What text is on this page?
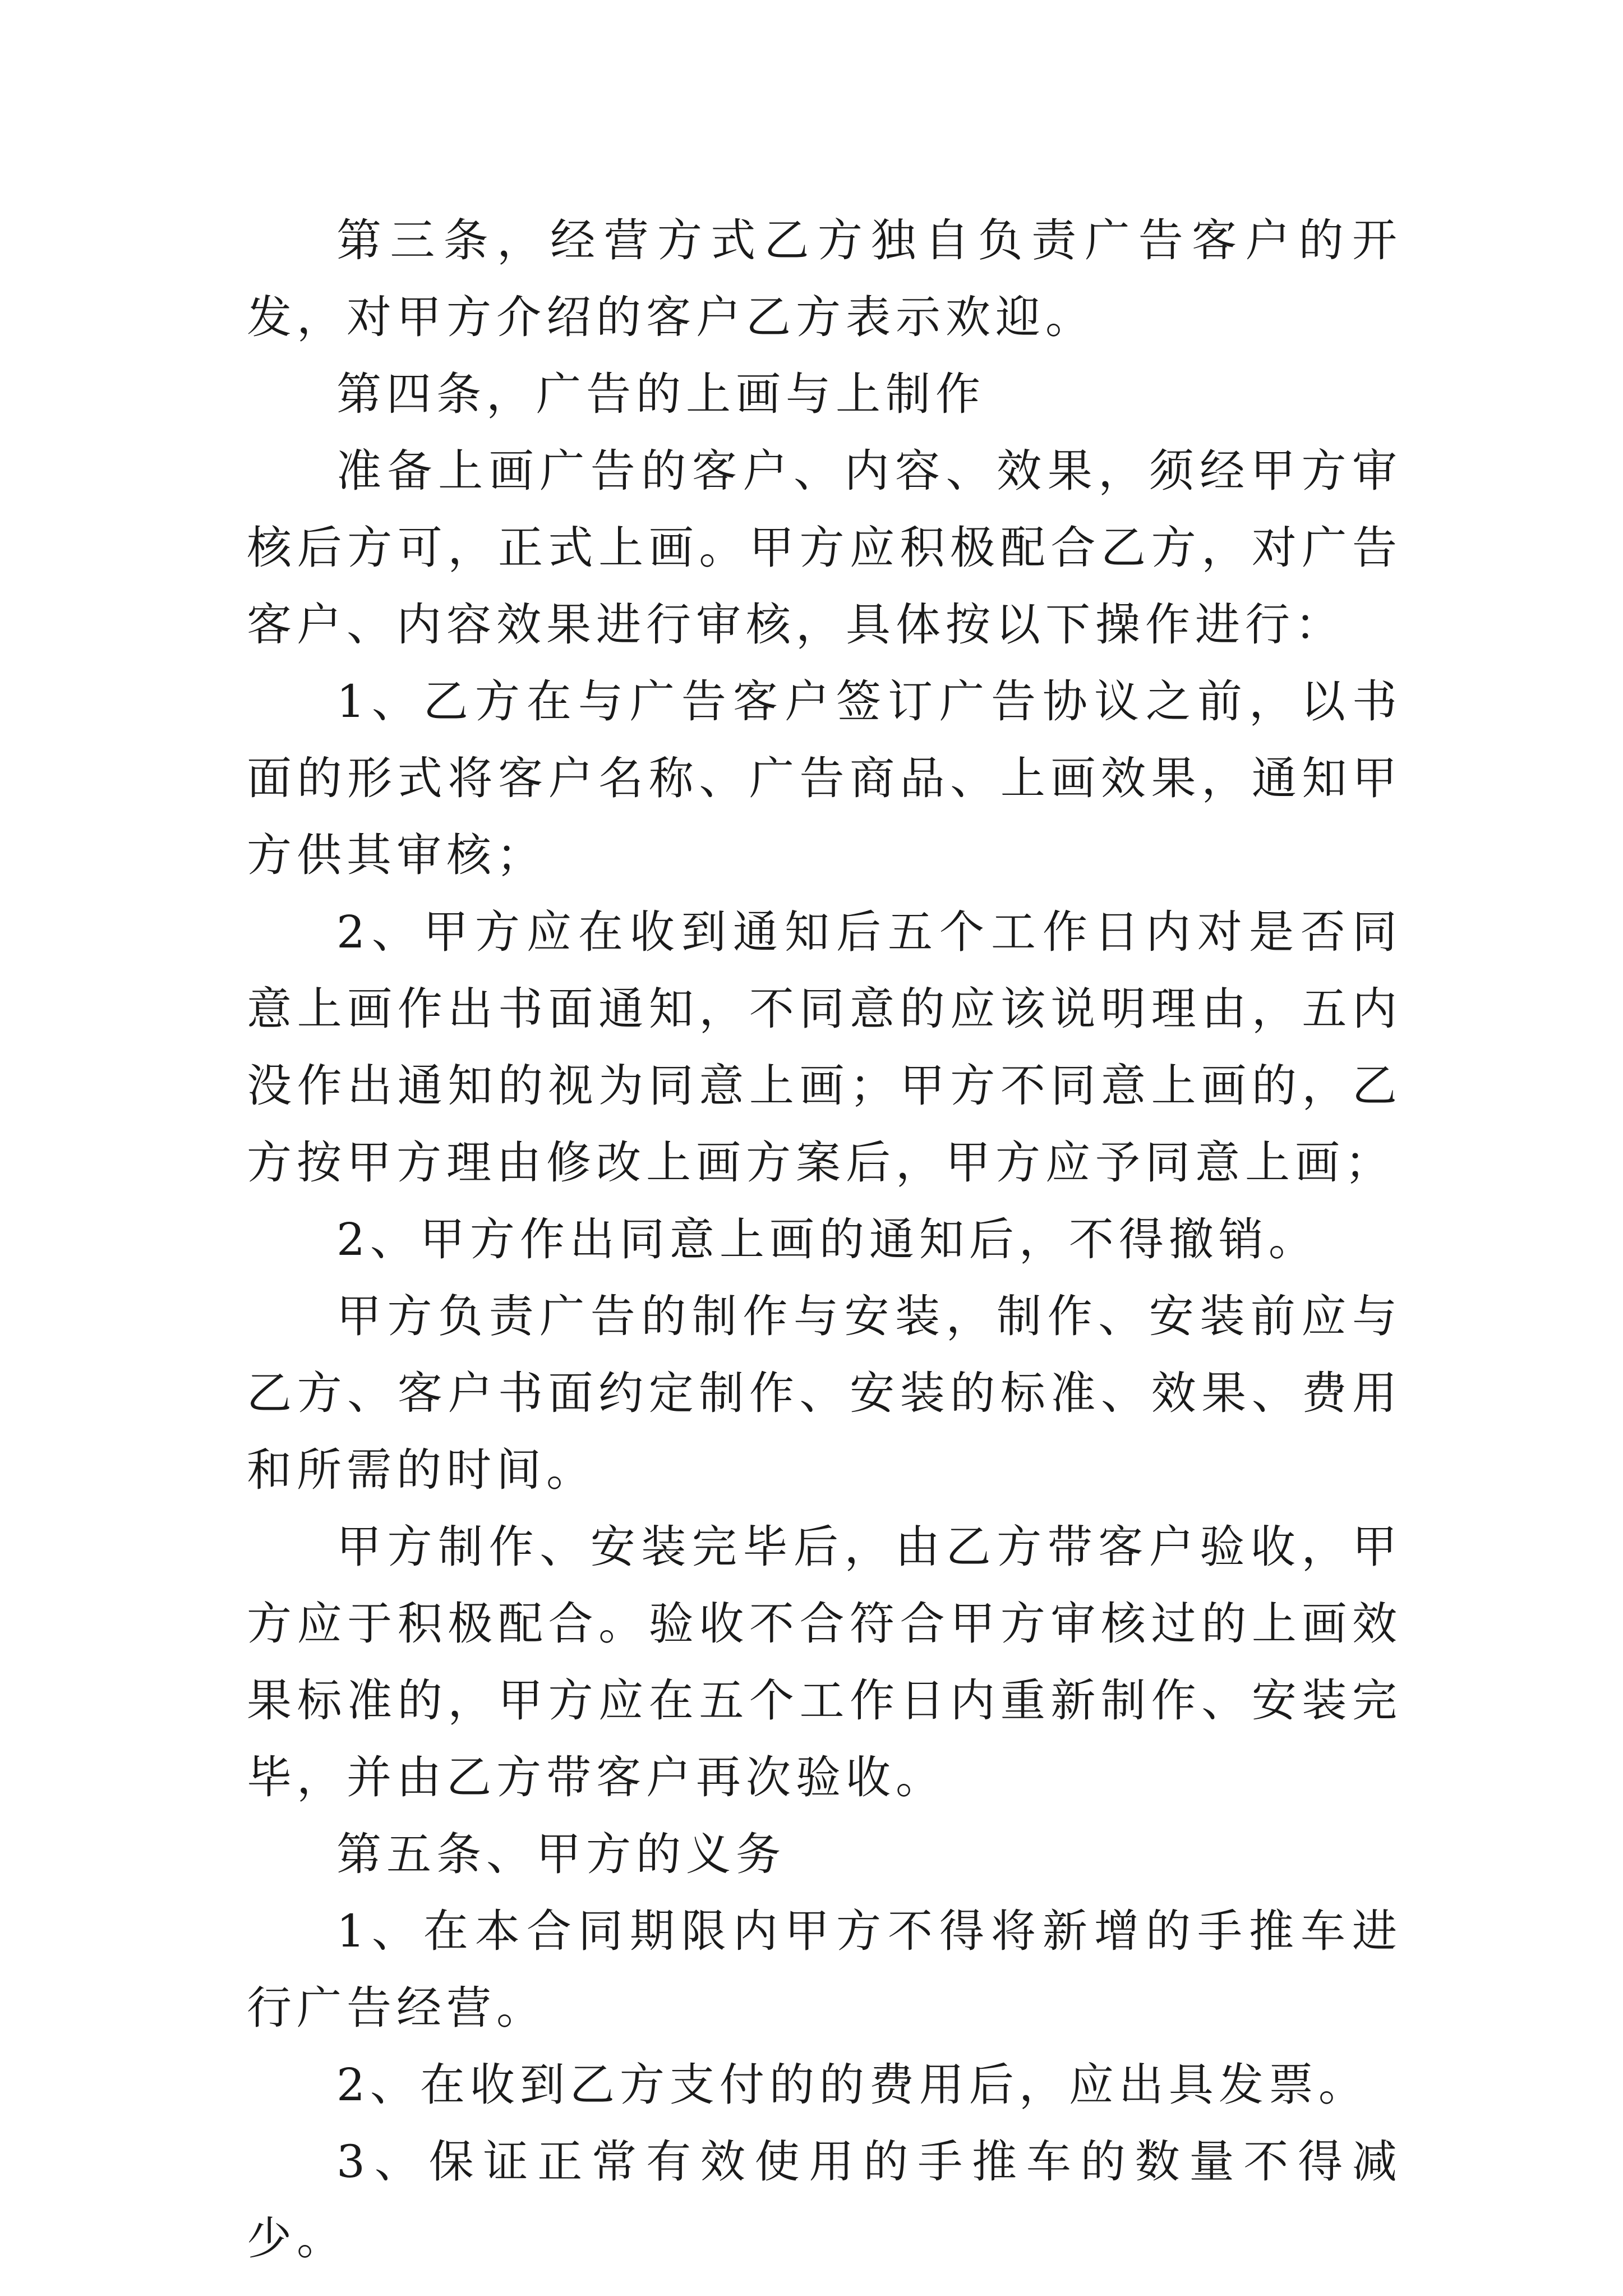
第三条，经营方式乙方独自负责广告客户的开发，对甲方介绍的客户乙方表示欢迎。

第四条，广告的上画与上制作

准备上画广告的客户、内容、效果，须经甲方审核后方可，正式上画。甲方应积极配合乙方，对广告客户、内容效果进行审核，具体按以下操作进行：

1、乙方在与广告客户签订广告协议之前，以书面的形式将客户名称、广告商品、上画效果，通知甲方供其审核；

2、甲方应在收到通知后五个工作日内对是否同意上画作出书面通知，不同意的应该说明理由，五内没作出通知的视为同意上画；甲方不同意上画的，乙方按甲方理由修改上画方案后，甲方应予同意上画；

2、甲方作出同意上画的通知后，不得撤销。

甲方负责广告的制作与安装，制作、安装前应与乙方、客户书面约定制作、安装的标准、效果、费用和所需的时间。

甲方制作、安装完毕后，由乙方带客户验收，甲方应于积极配合。验收不合符合甲方审核过的上画效果标准的，甲方应在五个工作日内重新制作、安装完毕，并由乙方带客户再次验收。

第五条、甲方的义务

1、在本合同期限内甲方不得将新增的手推车进行广告经营。

2、在收到乙方支付的的费用后，应出具发票。

3、保证正常有效使用的手推车的数量不得减少。
